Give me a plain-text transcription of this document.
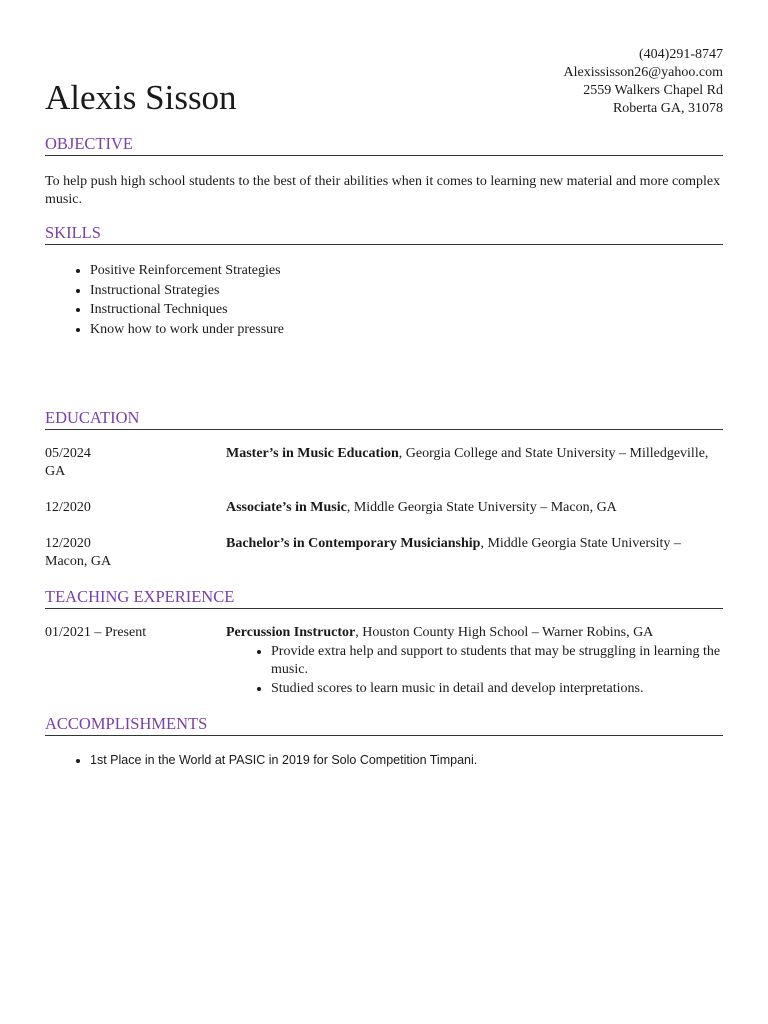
(404)291-8747
Alexississon26@yahoo.com
2559 Walkers Chapel Rd
Roberta GA, 31078
Alexis Sisson
OBJECTIVE

To help push high school students to the best of their abilities when it comes to learning new material and more complex music.

SKILLS
• Positive Reinforcement Strategies
• Instructional Strategies
• Instructional Techniques
• Know how to work under pressure
EDUCATION
05/2024	Master’s in Music Education, Georgia College and State University – Milledgeville, GA

12/2020	Associate’s in Music, Middle Georgia State University – Macon, GA

12/2020	Bachelor’s in Contemporary Musicianship, Middle Georgia State University – Macon, GA

TEACHING EXPERIENCE
01/2021 – Present	Percussion Instructor, Houston County High School – Warner Robins, GA
• Provide extra help and support to students that may be struggling in learning the music.
• Studied scores to learn music in detail and develop interpretations.
ACCOMPLISHMENTS
• 1st Place in the World at PASIC in 2019 for Solo Competition Timpani.
